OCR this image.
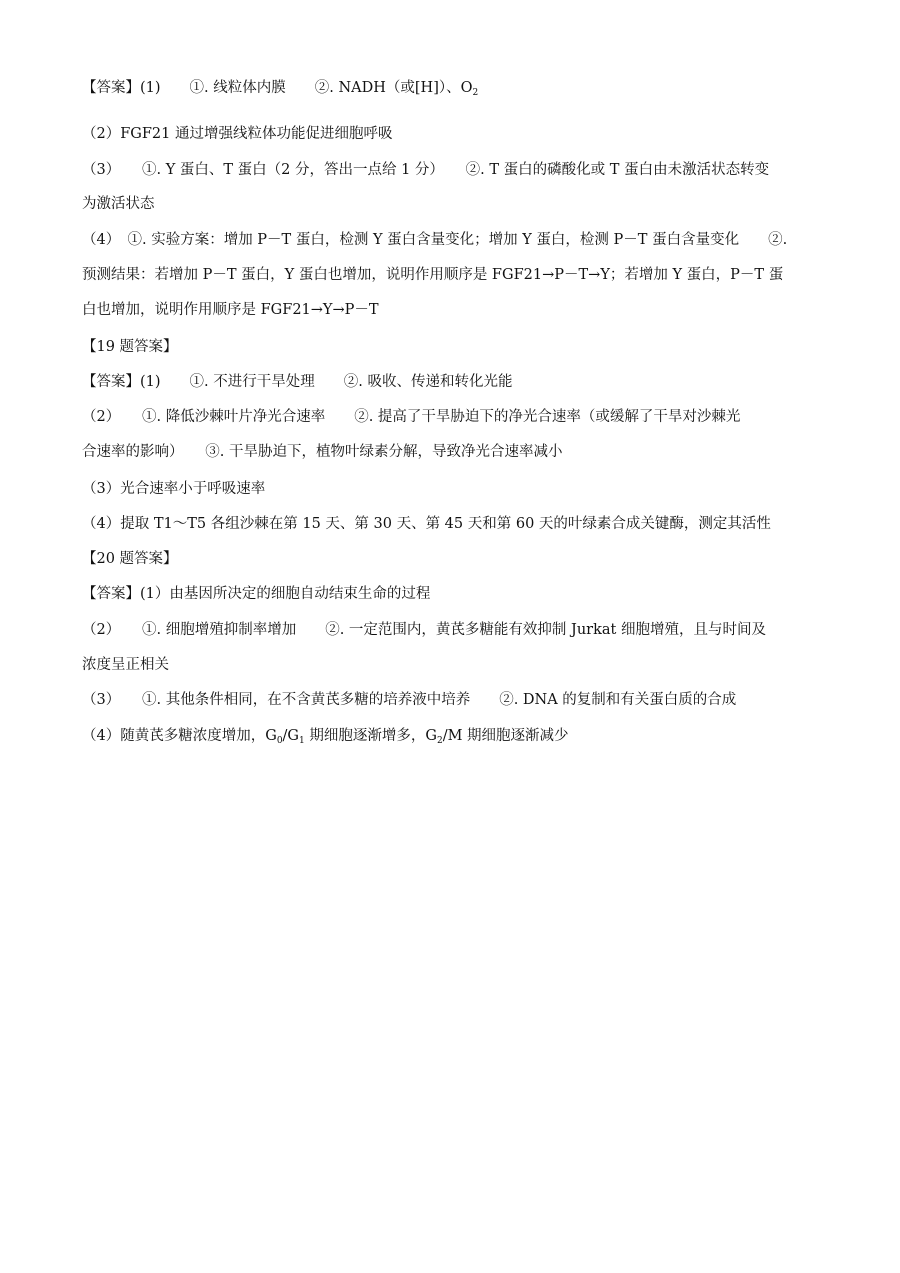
【答案】(1)　　①. 线粒体内膜　　②. NADH（或[H]）、$O_2$
（2）FGF21 通过增强线粒体功能促进细胞呼吸
（3）　　①. Y 蛋白、T 蛋白（2 分，答出一点给 1 分）　　②. T 蛋白的磷酸化或 T 蛋白由未激活状态转变
为激活状态
（4）　①. 实验方案：增加 P－T 蛋白，检测 Y 蛋白含量变化；增加 Y 蛋白，检测 P－T 蛋白含量变化　　②.
预测结果：若增加 P－T 蛋白，Y 蛋白也增加，说明作用顺序是 FGF21→P－T→Y；若增加 Y 蛋白，P－T 蛋
白也增加，说明作用顺序是 FGF21→Y→P－T
【19 题答案】
【答案】(1)　　①. 不进行干旱处理　　②. 吸收、传递和转化光能
（2）　　①. 降低沙棘叶片净光合速率　　②. 提高了干旱胁迫下的净光合速率（或缓解了干旱对沙棘光
合速率的影响）　　③. 干旱胁迫下，植物叶绿素分解，导致净光合速率减小
（3）光合速率小于呼吸速率
（4）提取 T1～T5 各组沙棘在第 15 天、第 30 天、第 45 天和第 60 天的叶绿素合成关键酶，测定其活性
【20 题答案】
【答案】(1）由基因所决定的细胞自动结束生命的过程
（2）　　①. 细胞增殖抑制率增加　　②. 一定范围内，黄芪多糖能有效抑制 Jurkat 细胞增殖，且与时间及
浓度呈正相关
（3）　　①. 其他条件相同，在不含黄芪多糖的培养液中培养　　②. DNA 的复制和有关蛋白质的合成
（4）随黄芪多糖浓度增加，$G_0/G_1$ 期细胞逐渐增多，$G_2/M$ 期细胞逐渐减少
